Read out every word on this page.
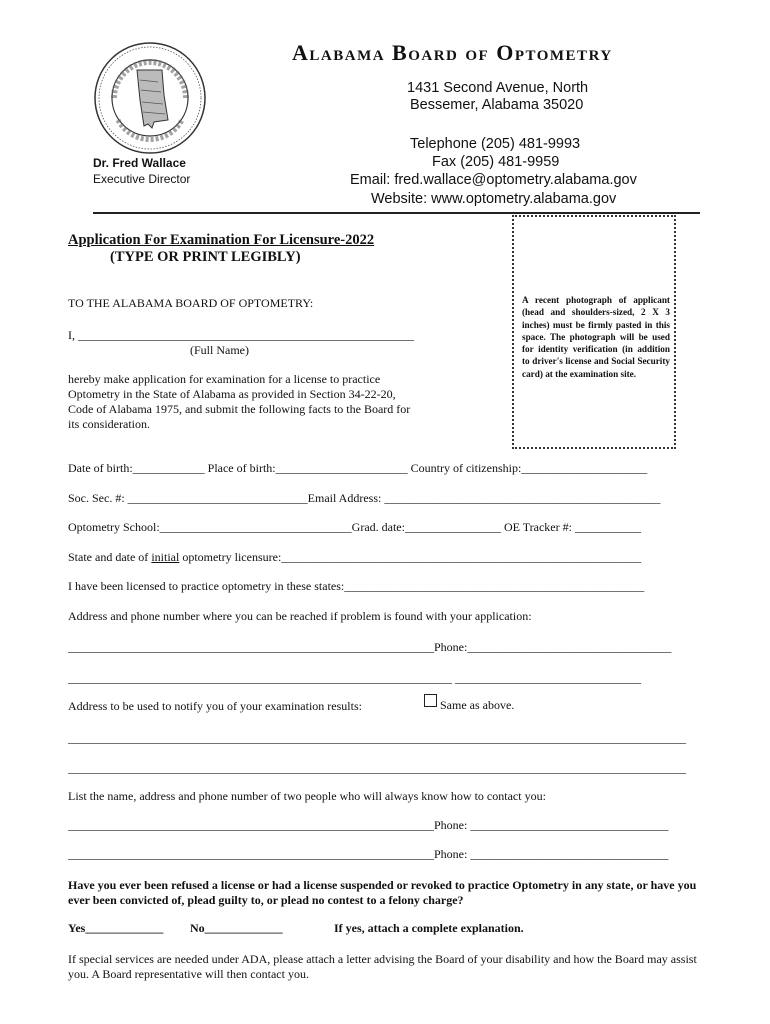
Alabama Board of Optometry
1431 Second Avenue, North
Bessemer, Alabama 35020
Telephone (205) 481-9993
Fax (205) 481-9959
Email: fred.wallace@optometry.alabama.gov
Website: www.optometry.alabama.gov
Dr. Fred Wallace
Executive Director
Application For Examination For Licensure-2022
(TYPE OR PRINT LEGIBLY)
A recent photograph of applicant (head and shoulders-sized, 2 X 3 inches) must be firmly pasted in this space. The photograph will be used for identity verification (in addition to driver's license and Social Security card) at the examination site.
TO THE ALABAMA BOARD OF OPTOMETRY:
I, ________________________________________________________
(Full Name)
hereby make application for examination for a license to practice Optometry in the State of Alabama as provided in Section 34-22-20, Code of Alabama 1975, and submit the following facts to the Board for its consideration.
Date of birth:____________ Place of birth:______________________ Country of citizenship:_____________________
Soc. Sec. #: ______________________________Email Address: ______________________________________________
Optometry School:________________________________Grad. date:________________ OE Tracker #: ___________
State and date of initial optometry licensure:____________________________________________________________
I have been licensed to practice optometry in these states:__________________________________________________
Address and phone number where you can be reached if problem is found with your application:
_____________________________________________________________Phone:__________________________________
________________________________________________________________ _______________________________
Address to be used to notify you of your examination results:	Same as above.
_______________________________________________________________________________________________________
_______________________________________________________________________________________________________
List the name, address and phone number of two people who will always know how to contact you:
_____________________________________________________________Phone: _________________________________
_____________________________________________________________Phone: _________________________________
Have you ever been refused a license or had a license suspended or revoked to practice Optometry in any state, or have you ever been convicted of, plead guilty to, or plead no contest to a felony charge?
Yes_____________ No_____________	If yes, attach a complete explanation.
If special services are needed under ADA, please attach a letter advising the Board of your disability and how the Board may assist you. A Board representative will then contact you.
